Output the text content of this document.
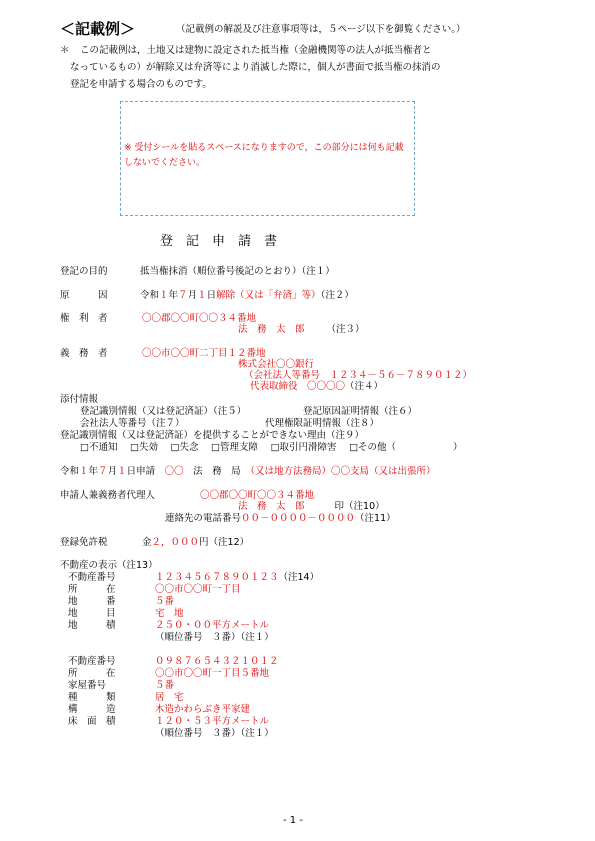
＜記載例＞	（記載例の解説及び注意事項等は，５ページ以下を御覧ください。）
＊ この記載例は，土地又は建物に設定された抵当権（金融機関等の法人が抵当権者と
なっているもの）が解除又は弁済等により消滅した際に，個人が書面で抵当権の抹消の
登記を申請する場合のものです。
※ 受付シールを貼るスペースになりますので，この部分には何も記載
しないでください。
登記申請書
登記の目的	抵当権抹消（順位番号後記のとおり）（注１）
原　　　因	令和１年７月１日解除（又は「弁済」等）（注２）
権　利　者	〇〇郡〇〇町〇〇３４番地
法　務　太　郎 （注３）
義　務　者	〇〇市〇〇町二丁目１２番地
株式会社〇〇銀行
（会社法人等番号　１２３４－５６－７８９０１２）
代表取締役　〇〇〇〇（注４）
添付情報
登記識別情報（又は登記済証）（注５）	登記原因証明情報（注６）
会社法人等番号（注７）	代理権限証明情報（注８）
登記識別情報（又は登記済証）を提供することができない理由（注９）
□不通知　 □失効　 □失念　 □管理支障　 □取引円滑障害　 □その他（　　　　　　）
令和１年７月１日申請　 〇〇　 法　務　局　 （又は地方法務局）〇〇支局（又は出張所）
申請人兼義務者代理人	〇〇郡〇〇町〇〇３４番地
法　務　太　郎	印（注10）
連絡先の電話番号００－００００－００００（注11）
登録免許税	金２，０００円（注12）
不動産の表示（注13）
不動産番号	１２３４５６７８９０１２３（注14）
所　　　在	〇〇市〇〇町一丁目
地　　　番	５番
地　　　目	宅　地
地　　　積	２５０・００平方メートル
（順位番号　３番）（注１）
不動産番号	０９８７６５４３２１０１２
所　　　在	〇〇市〇〇町一丁目５番地
家屋番号	５番
種　　　類	居　宅
構　　　造	木造かわらぶき平家建
床　面　積	１２０・５３平方メートル
（順位番号　３番）（注１）
- 1 -
